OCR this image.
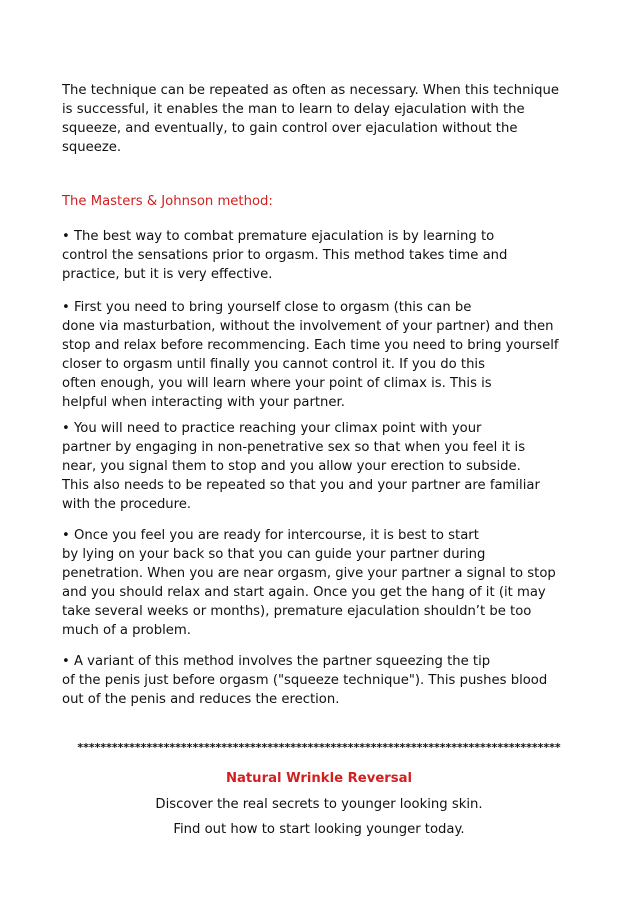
The technique can be repeated as often as necessary. When this technique
is successful, it enables the man to learn to delay ejaculation with the
squeeze, and eventually, to gain control over ejaculation without the
squeeze.
The Masters & Johnson method:
• The best way to combat premature ejaculation is by learning to
control the sensations prior to orgasm. This method takes time and
practice, but it is very effective.
• First you need to bring yourself close to orgasm (this can be
done via masturbation, without the involvement of your partner) and then
stop and relax before recommencing. Each time you need to bring yourself
closer to orgasm until finally you cannot control it. If you do this
often enough, you will learn where your point of climax is. This is
helpful when interacting with your partner.
• You will need to practice reaching your climax point with your
partner by engaging in non-penetrative sex so that when you feel it is
near, you signal them to stop and you allow your erection to subside.
This also needs to be repeated so that you and your partner are familiar
with the procedure.
• Once you feel you are ready for intercourse, it is best to start
by lying on your back so that you can guide your partner during
penetration. When you are near orgasm, give your partner a signal to stop
and you should relax and start again. Once you get the hang of it (it may
take several weeks or months), premature ejaculation shouldn’t be too
much of a problem.
• A variant of this method involves the partner squeezing the tip
of the penis just before orgasm ("squeeze technique"). This pushes blood
out of the penis and reduces the erection.
************************************************************************************
Natural Wrinkle Reversal
Discover the real secrets to younger looking skin.
Find out how to start looking younger today.
